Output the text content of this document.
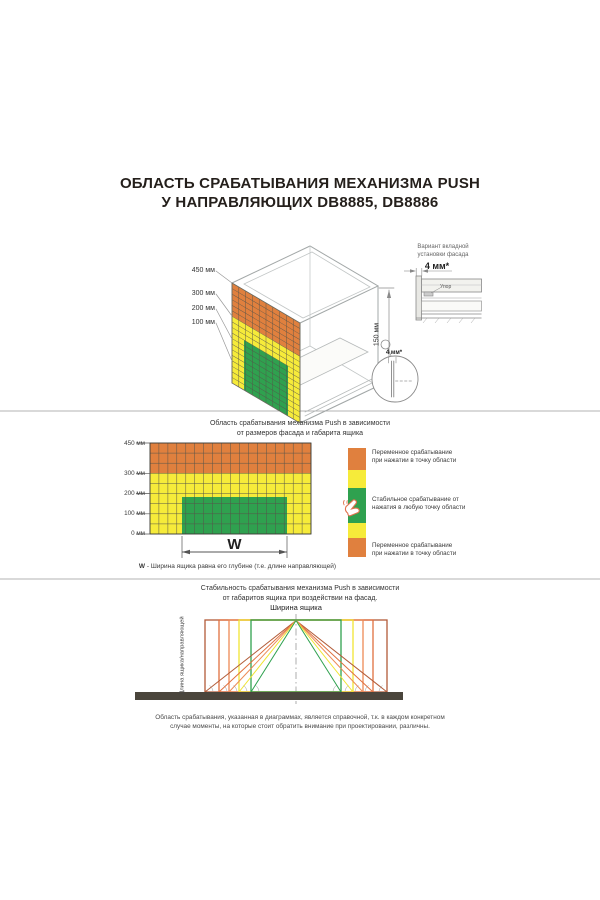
ОБЛАСТЬ СРАБАТЫВАНИЯ МЕХАНИЗМА PUSH
У НАПРАВЛЯЮЩИХ DB8885, DB8886
450 мм
300 мм
200 мм
100 мм
150 мм
4 мм*
Вариант вкладной
установки фасада
4 мм*
Упор
Область срабатывания механизма Push в зависимости
от размеров фасада и габарита ящика
450 мм
300 мм
200 мм
100 мм
0 мм
W
W - Ширина ящика равна его глубине (т.е. длине направляющей)
Переменное срабатывание
при нажатии в точку области
Стабильное срабатывание от
нажатия в любую точку области
Переменное срабатывание
при нажатии в точку области
Стабильность срабатывания механизма Push в зависимости
от габаритов ящика при воздействии на фасад.
Ширина ящика
Длина ящика/направляющей
Область срабатывания, указанная в диаграммах, является справочной, т.к. в каждом конкретном
случае моменты, на которые стоит обратить внимание при проектировании, различны.
